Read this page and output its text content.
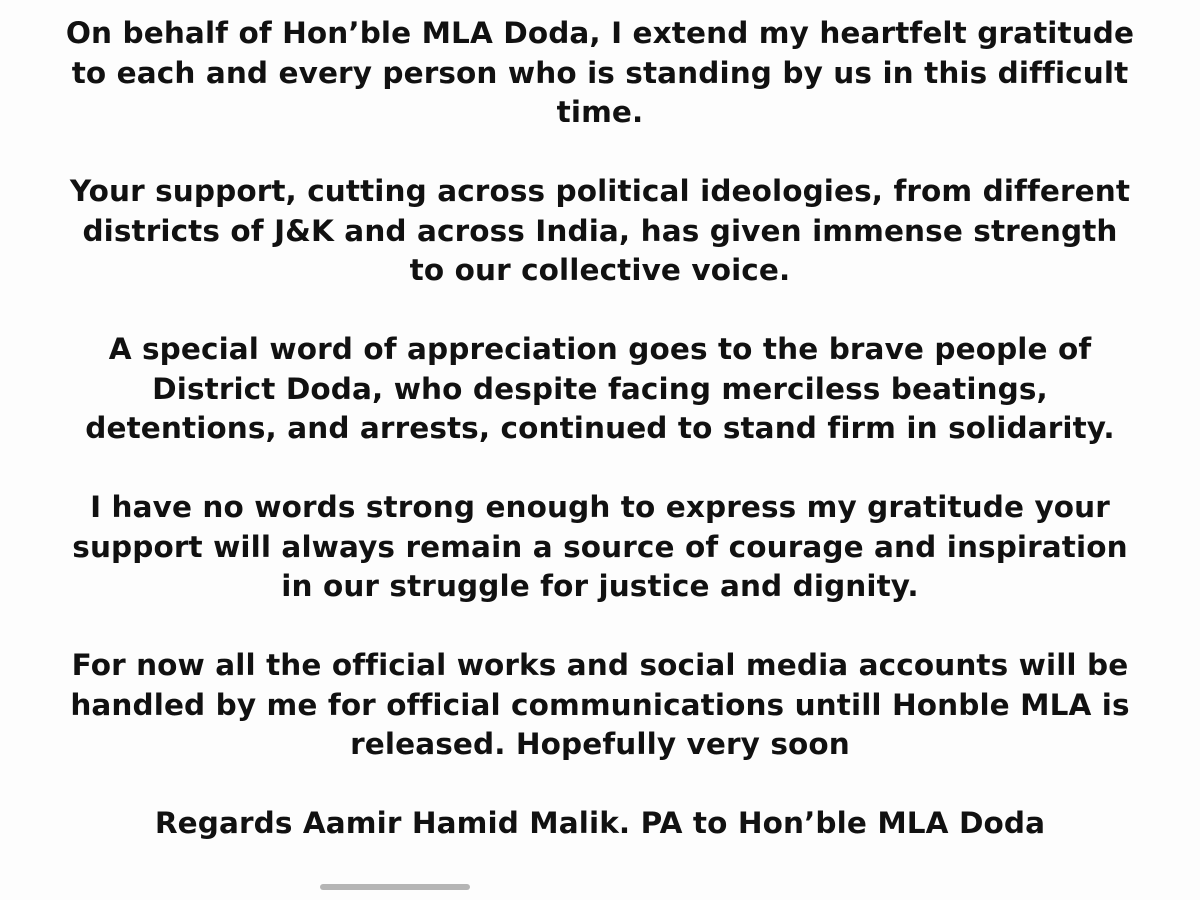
On behalf of Hon’ble MLA Doda, I extend my heartfelt gratitude
to each and every person who is standing by us in this difficult
time.

Your support, cutting across political ideologies, from different
districts of J&K and across India, has given immense strength
to our collective voice.

A special word of appreciation goes to the brave people of
District Doda, who despite facing merciless beatings,
detentions, and arrests, continued to stand firm in solidarity.

I have no words strong enough to express my gratitude your
support will always remain a source of courage and inspiration
in our struggle for justice and dignity.

For now all the official works and social media accounts will be
handled by me for official communications untill Honble MLA is
released. Hopefully very soon

Regards Aamir Hamid Malik. PA to Hon’ble MLA Doda
